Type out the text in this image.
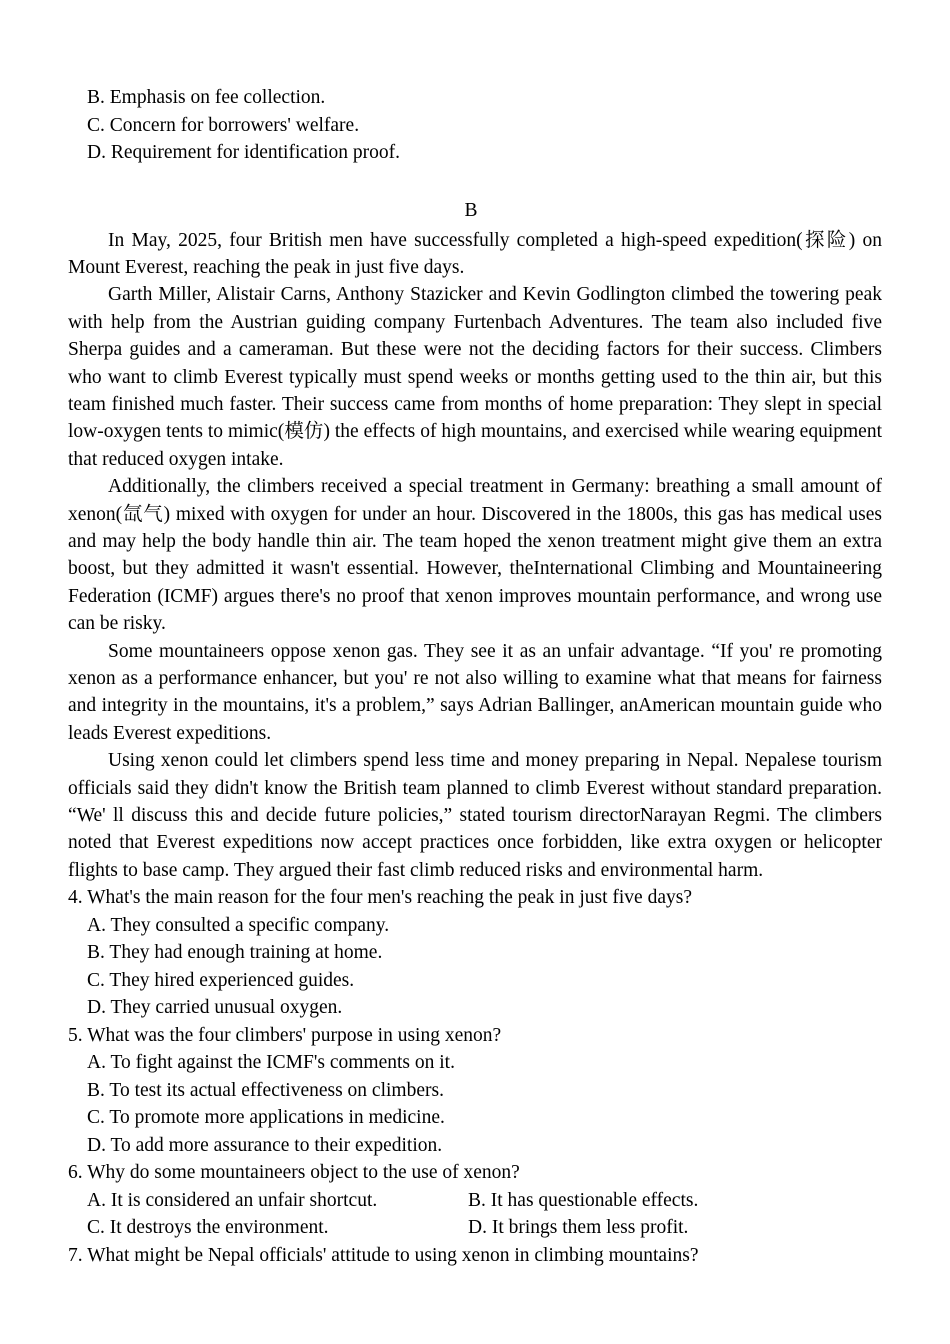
B. Emphasis on fee collection.
C. Concern for borrowers' welfare.
D. Requirement for identification proof.
B

In May, 2025, four British men have successfully completed a high-speed expedition(探险) on Mount Everest, reaching the peak in just five days.

Garth Miller, Alistair Carns, Anthony Stazicker and Kevin Godlington climbed the towering peak with help from the Austrian guiding company Furtenbach Adventures. The team also included five Sherpa guides and a cameraman. But these were not the deciding factors for their success. Climbers who want to climb Everest typically must spend weeks or months getting used to the thin air, but this team finished much faster. Their success came from months of home preparation: They slept in special low-oxygen tents to mimic(模仿) the effects of high mountains, and exercised while wearing equipment that reduced oxygen intake.

Additionally, the climbers received a special treatment in Germany: breathing a small amount of xenon(氙气) mixed with oxygen for under an hour. Discovered in the 1800s, this gas has medical uses and may help the body handle thin air. The team hoped the xenon treatment might give them an extra boost, but they admitted it wasn't essential. However, theInternational Climbing and Mountaineering Federation (ICMF) argues there's no proof that xenon improves mountain performance, and wrong use can be risky.

Some mountaineers oppose xenon gas. They see it as an unfair advantage. “If you' re promoting xenon as a performance enhancer, but you' re not also willing to examine what that means for fairness and integrity in the mountains, it's a problem,” says Adrian Ballinger, anAmerican mountain guide who leads Everest expeditions.

Using xenon could let climbers spend less time and money preparing in Nepal. Nepalese tourism officials said they didn't know the British team planned to climb Everest without standard preparation. “We' ll discuss this and decide future policies,” stated tourism directorNarayan Regmi. The climbers noted that Everest expeditions now accept practices once forbidden, like extra oxygen or helicopter flights to base camp. They argued their fast climb reduced risks and environmental harm.

4. What's the main reason for the four men's reaching the peak in just five days?
A. They consulted a specific company.
B. They had enough training at home.
C. They hired experienced guides.
D. They carried unusual oxygen.
5. What was the four climbers' purpose in using xenon?
A. To fight against the ICMF's comments on it.
B. To test its actual effectiveness on climbers.
C. To promote more applications in medicine.
D. To add more assurance to their expedition.
6. Why do some mountaineers object to the use of xenon?
A. It is considered an unfair shortcut.	B. It has questionable effects.
C. It destroys the environment.	D. It brings them less profit.
7. What might be Nepal officials' attitude to using xenon in climbing mountains?
